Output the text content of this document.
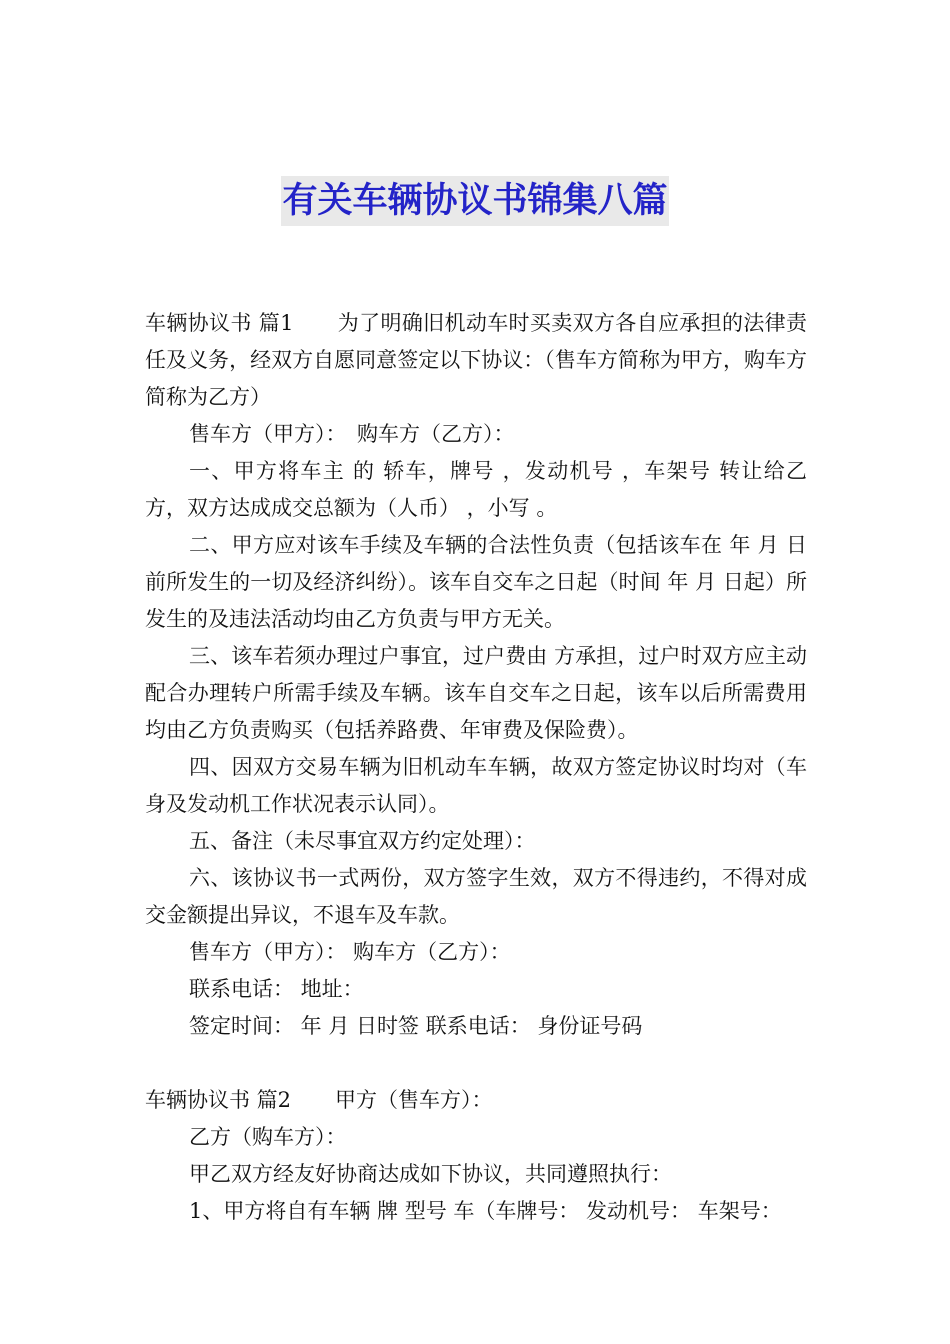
有关车辆协议书锦集八篇

车辆协议书 篇1 为了明确旧机动车时买卖双方各自应承担的法律责任及义务，经双方自愿同意签定以下协议：（售车方简称为甲方，购车方简称为乙方）

售车方（甲方）：　购车方（乙方）：

一、甲方将车主 的 轿车，牌号 ，发动机号 ，车架号 转让给乙方，双方达成成交总额为（人币） ，小写 。

二、甲方应对该车手续及车辆的合法性负责（包括该车在 年 月 日前所发生的一切及经济纠纷）。该车自交车之日起（时间 年 月 日起）所发生的及违法活动均由乙方负责与甲方无关。

三、该车若须办理过户事宜，过户费由 方承担，过户时双方应主动配合办理转户所需手续及车辆。该车自交车之日起，该车以后所需费用均由乙方负责购买（包括养路费、年审费及保险费）。

四、因双方交易车辆为旧机动车车辆，故双方签定协议时均对（车身及发动机工作状况表示认同）。

五、备注（未尽事宜双方约定处理）：

六、该协议书一式两份，双方签字生效，双方不得违约，不得对成交金额提出异议，不退车及车款。

售车方（甲方）： 购车方（乙方）：

联系电话： 地址：

签定时间： 年 月 日时签 联系电话： 身份证号码

车辆协议书 篇2 甲方（售车方）：

乙方（购车方）：

甲乙双方经友好协商达成如下协议，共同遵照执行：

1、甲方将自有车辆 牌 型号 车（车牌号： 发动机号： 车架号：
